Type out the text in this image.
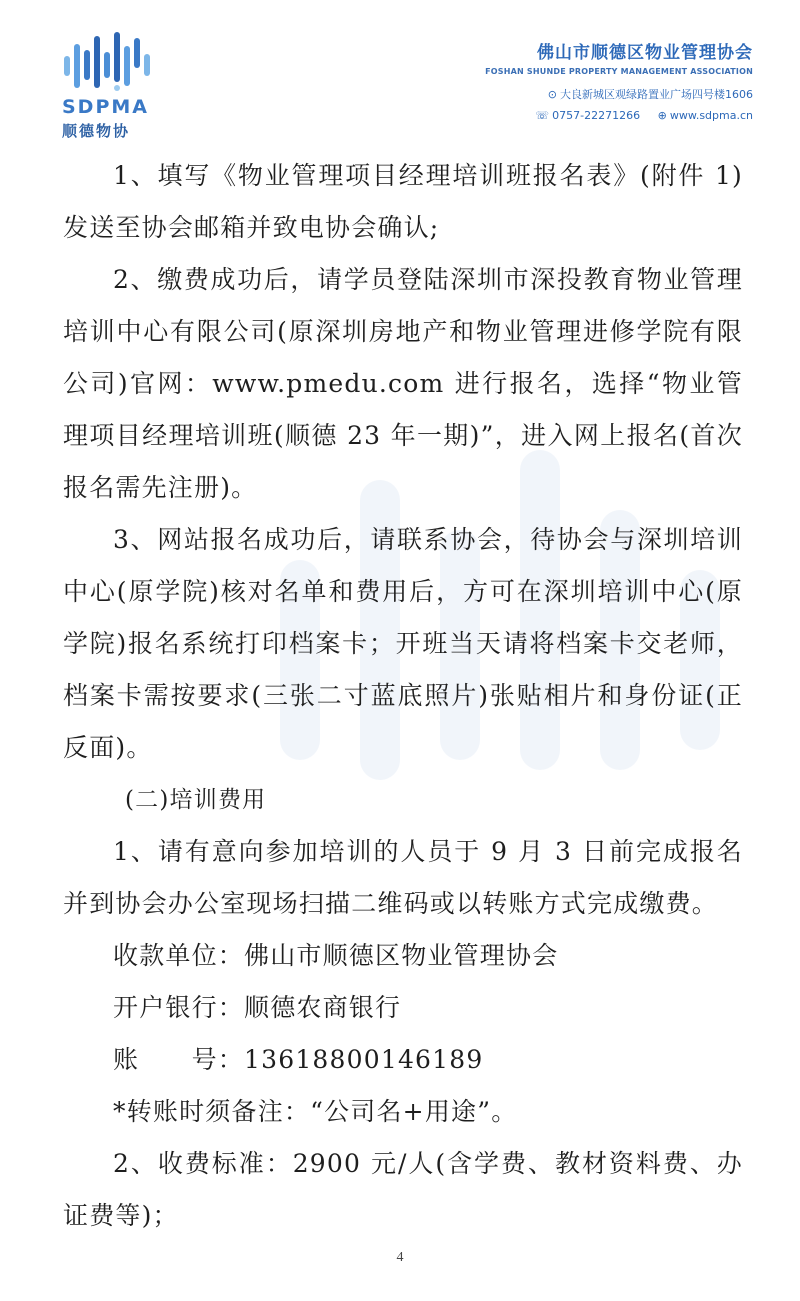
SDPMA
顺德物协
佛山市顺德区物业管理协会
FOSHAN SHUNDE PROPERTY MANAGEMENT ASSOCIATION
⊙ 大良新城区观绿路置业广场四号楼1606
☏ 0757-22271266 ⊕ www.sdpma.cn

1、填写《物业管理项目经理培训班报名表》(附件 1)发送至协会邮箱并致电协会确认;

2、缴费成功后，请学员登陆深圳市深投教育物业管理培训中心有限公司(原深圳房地产和物业管理进修学院有限公司)官网：www.pmedu.com 进行报名，选择“物业管理项目经理培训班(顺德 23 年一期)”，进入网上报名(首次报名需先注册)。

3、网站报名成功后，请联系协会，待协会与深圳培训中心(原学院)核对名单和费用后，方可在深圳培训中心(原学院)报名系统打印档案卡；开班当天请将档案卡交老师，档案卡需按要求(三张二寸蓝底照片)张贴相片和身份证(正反面)。

(二)培训费用

1、请有意向参加培训的人员于 9 月 3 日前完成报名并到协会办公室现场扫描二维码或以转账方式完成缴费。

收款单位：佛山市顺德区物业管理协会

开户银行：顺德农商银行

账　　号：13618800146189

*转账时须备注：“公司名+用途”。

2、收费标准：2900 元/人(含学费、教材资料费、办证费等)；

4
